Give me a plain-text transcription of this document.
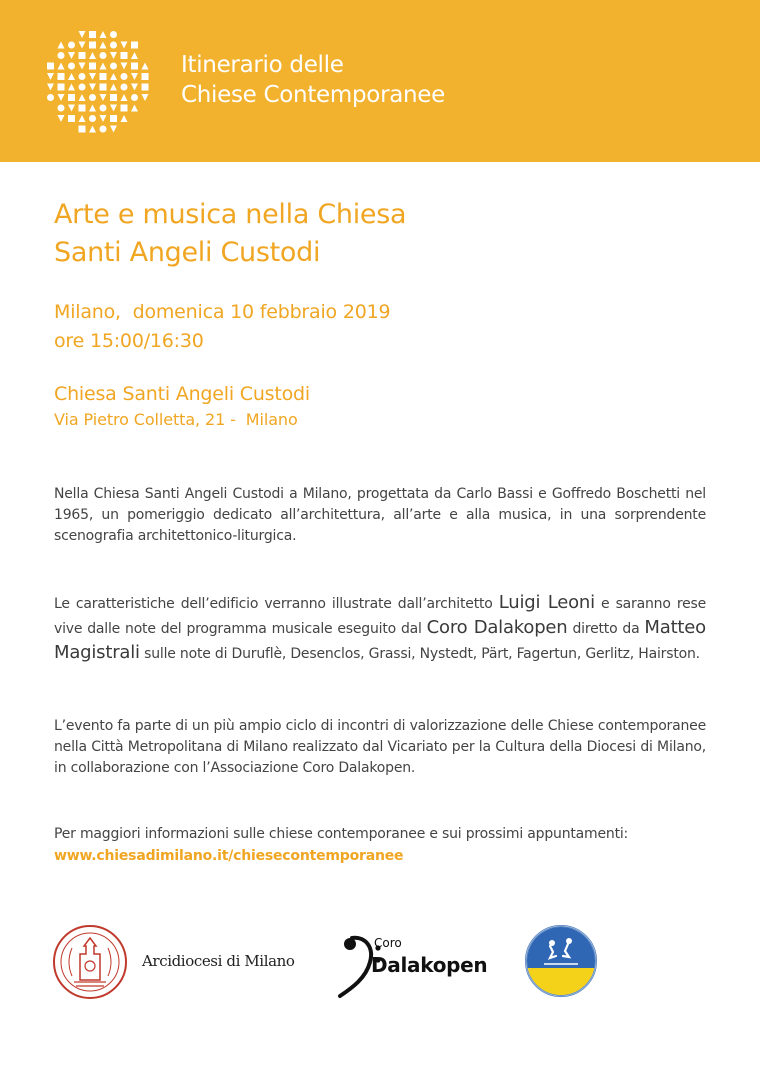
Itinerario delle
Chiese Contemporanee
Arte e musica nella Chiesa
Santi Angeli Custodi
Milano,  domenica 10 febbraio 2019
ore 15:00/16:30
Chiesa Santi Angeli Custodi
Via Pietro Colletta, 21 -  Milano
Nella Chiesa Santi Angeli Custodi a Milano, progettata da Carlo Bassi e Goffredo Boschetti nel 1965, un pomeriggio dedicato all’architettura, all’arte e alla musica, in una sorprendente scenografia architettonico-liturgica.
Le caratteristiche dell’edificio verranno illustrate dall’architetto Luigi Leoni e saranno rese vive dalle note del programma musicale eseguito dal Coro Dalakopen diretto da Matteo Magistrali sulle note di Duruflè, Desenclos, Grassi, Nystedt, Pärt, Fagertun, Gerlitz, Hairston.
L’evento fa parte di un più ampio ciclo di incontri di valorizzazione delle Chiese contemporanee nella Città Metropolitana di Milano realizzato dal Vicariato per la Cultura della Diocesi di Milano, in collaborazione con l’Associazione Coro Dalakopen.
Per maggiori informazioni sulle chiese contemporanee e sui prossimi appuntamenti:
www.chiesadimilano.it/chiesecontemporanee
Arcidiocesi di Milano
Coro
Dalakopen
